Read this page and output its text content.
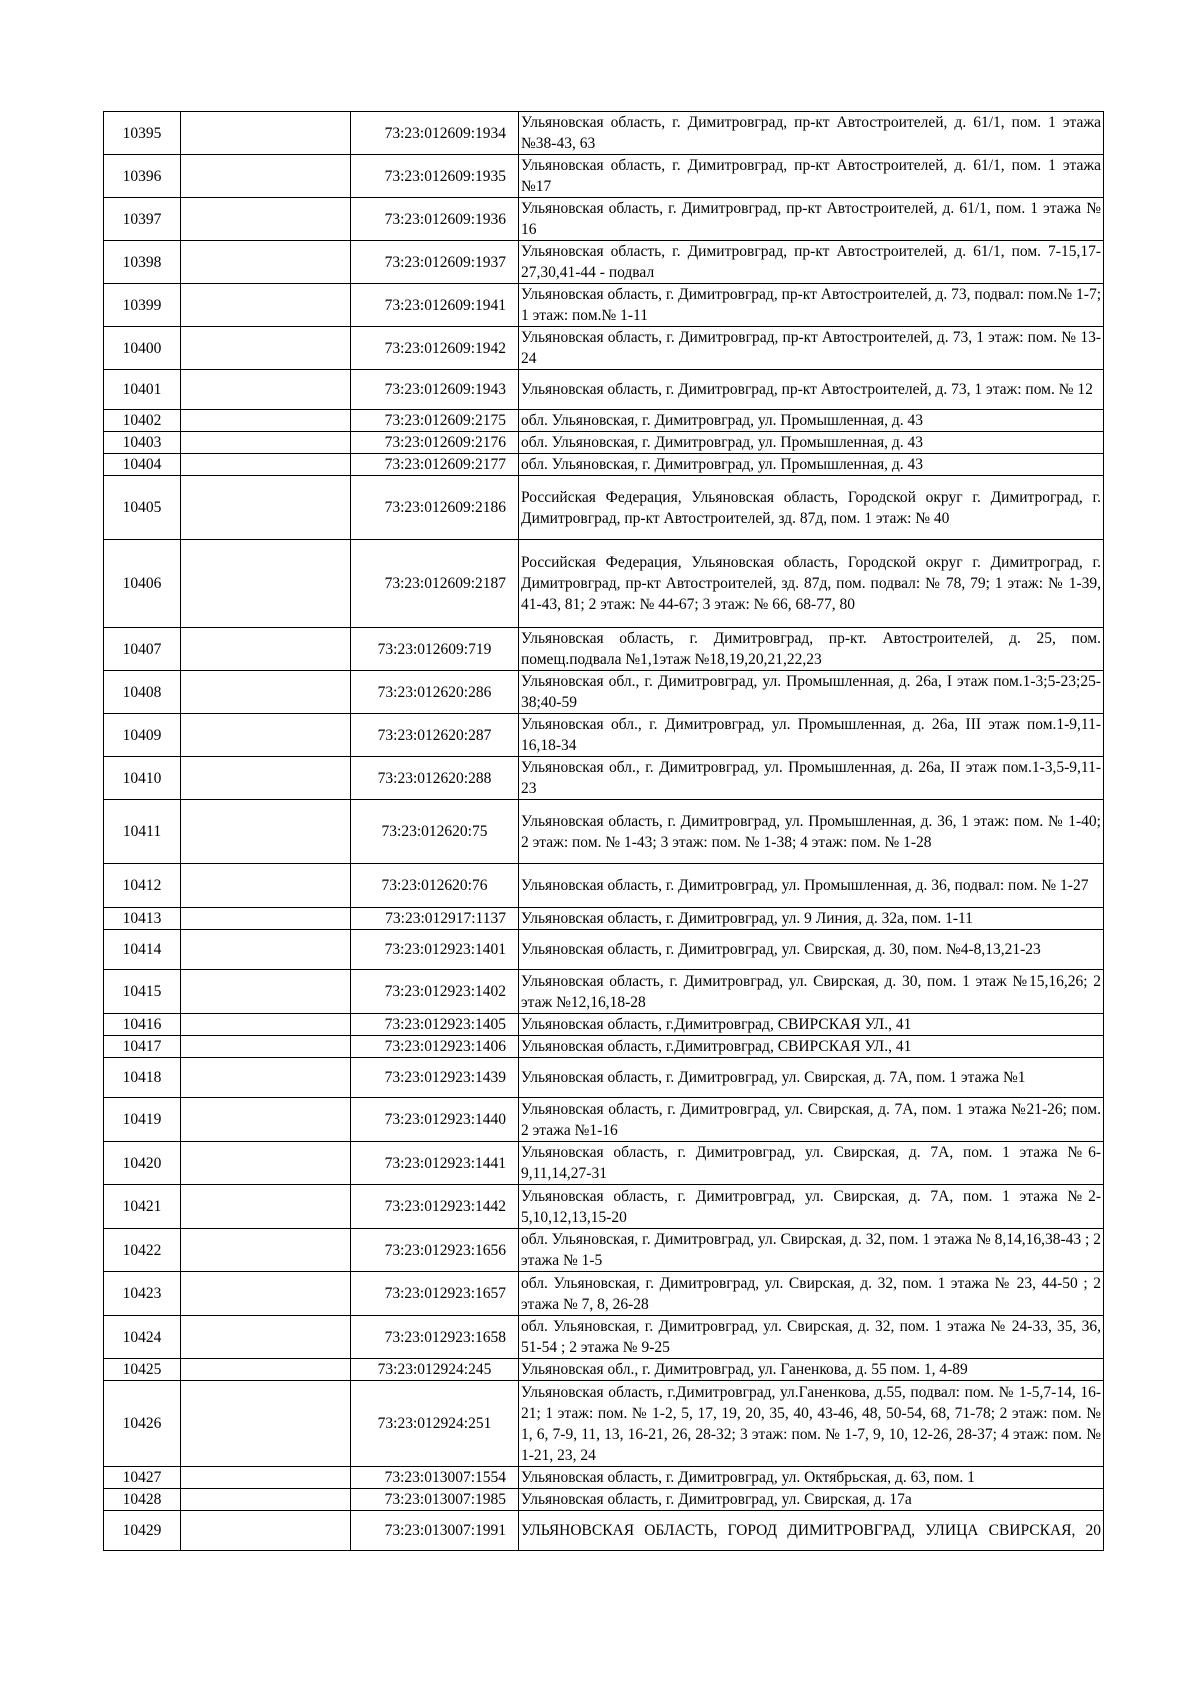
10395		73:23:012609:1934	Ульяновская область, г. Димитровград, пр-кт Автостроителей, д. 61/1, пом. 1 этажа №38-43, 63
10396		73:23:012609:1935	Ульяновская область, г. Димитровград, пр-кт Автостроителей, д. 61/1, пом. 1 этажа №17
10397		73:23:012609:1936	Ульяновская область, г. Димитровград, пр-кт Автостроителей, д. 61/1, пом. 1 этажа № 16
10398		73:23:012609:1937	Ульяновская область, г. Димитровград, пр-кт Автостроителей, д. 61/1, пом. 7-15,17-27,30,41-44 - подвал
10399		73:23:012609:1941	Ульяновская область, г. Димитровград, пр-кт Автостроителей, д. 73, подвал: пом.№ 1-7; 1 этаж: пом.№ 1-11
10400		73:23:012609:1942	Ульяновская область, г. Димитровград, пр-кт Автостроителей, д. 73, 1 этаж: пом. № 13-24
10401		73:23:012609:1943	Ульяновская область, г. Димитровград, пр-кт Автостроителей, д. 73, 1 этаж: пом. № 12
10402		73:23:012609:2175	обл. Ульяновская, г. Димитровград, ул. Промышленная, д. 43
10403		73:23:012609:2176	обл. Ульяновская, г. Димитровград, ул. Промышленная, д. 43
10404		73:23:012609:2177	обл. Ульяновская, г. Димитровград, ул. Промышленная, д. 43
10405		73:23:012609:2186	Российская Федерация, Ульяновская область, Городской округ г. Димитроград, г. Димитровград, пр-кт Автостроителей, зд. 87д, пом. 1 этаж: № 40
10406		73:23:012609:2187	Российская Федерация, Ульяновская область, Городской округ г. Димитроград, г. Димитровград, пр-кт Автостроителей, зд. 87д, пом. подвал: № 78, 79; 1 этаж: № 1-39, 41-43, 81; 2 этаж: № 44-67; 3 этаж: № 66, 68-77, 80
10407		73:23:012609:719	Ульяновская область, г. Димитровград, пр-кт. Автостроителей, д. 25, пом. помещ.подвала №1,1этаж №18,19,20,21,22,23
10408		73:23:012620:286	Ульяновская обл., г. Димитровград, ул. Промышленная, д. 26а, I этаж пом.1-3;5-23;25-38;40-59
10409		73:23:012620:287	Ульяновская обл., г. Димитровград, ул. Промышленная, д. 26а, III этаж пом.1-9,11-16,18-34
10410		73:23:012620:288	Ульяновская обл., г. Димитровград, ул. Промышленная, д. 26а, II этаж пом.1-3,5-9,11-23
10411		73:23:012620:75	Ульяновская область, г. Димитровград, ул. Промышленная, д. 36, 1 этаж: пом. № 1-40; 2 этаж: пом. № 1-43; 3 этаж: пом. № 1-38; 4 этаж: пом. № 1-28
10412		73:23:012620:76	Ульяновская область, г. Димитровград, ул. Промышленная, д. 36, подвал: пом. № 1-27
10413		73:23:012917:1137	Ульяновская область, г. Димитровград, ул. 9 Линия, д. 32а, пом. 1-11
10414		73:23:012923:1401	Ульяновская область, г. Димитровград, ул. Свирская, д. 30, пом. №4-8,13,21-23
10415		73:23:012923:1402	Ульяновская область, г. Димитровград, ул. Свирская, д. 30, пом. 1 этаж №15,16,26; 2 этаж №12,16,18-28
10416		73:23:012923:1405	Ульяновская область, г.Димитровград, СВИРСКАЯ УЛ., 41
10417		73:23:012923:1406	Ульяновская область, г.Димитровград, СВИРСКАЯ УЛ., 41
10418		73:23:012923:1439	Ульяновская область, г. Димитровград, ул. Свирская, д. 7А, пом. 1 этажа №1
10419		73:23:012923:1440	Ульяновская область, г. Димитровград, ул. Свирская, д. 7А, пом. 1 этажа №21-26; пом. 2 этажа №1-16
10420		73:23:012923:1441	Ульяновская область, г. Димитровград, ул. Свирская, д. 7А, пом. 1 этажа №6-9,11,14,27-31
10421		73:23:012923:1442	Ульяновская область, г. Димитровград, ул. Свирская, д. 7А, пом. 1 этажа №2-5,10,12,13,15-20
10422		73:23:012923:1656	обл. Ульяновская, г. Димитровград, ул. Свирская, д. 32, пом. 1 этажа № 8,14,16,38-43 ; 2 этажа № 1-5
10423		73:23:012923:1657	обл. Ульяновская, г. Димитровград, ул. Свирская, д. 32, пом. 1 этажа № 23, 44-50 ; 2 этажа № 7, 8, 26-28
10424		73:23:012923:1658	обл. Ульяновская, г. Димитровград, ул. Свирская, д. 32, пом. 1 этажа № 24-33, 35, 36, 51-54 ; 2 этажа № 9-25
10425		73:23:012924:245	Ульяновская обл., г. Димитровград, ул. Ганенкова, д. 55 пом. 1, 4-89
10426		73:23:012924:251	Ульяновская область, г.Димитровград, ул.Ганенкова, д.55, подвал: пом. № 1-5,7-14, 16-21; 1 этаж: пом. № 1-2, 5, 17, 19, 20, 35, 40, 43-46, 48, 50-54, 68, 71-78; 2 этаж: пом. № 1, 6, 7-9, 11, 13, 16-21, 26, 28-32; 3 этаж: пом. № 1-7, 9, 10, 12-26, 28-37; 4 этаж: пом. № 1-21, 23, 24
10427		73:23:013007:1554	Ульяновская область, г. Димитровград, ул. Октябрьская, д. 63, пом. 1
10428		73:23:013007:1985	Ульяновская область, г. Димитровград, ул. Свирская, д. 17а
10429		73:23:013007:1991	УЛЬЯНОВСКАЯ ОБЛАСТЬ, ГОРОД ДИМИТРОВГРАД, УЛИЦА СВИРСКАЯ, 20
